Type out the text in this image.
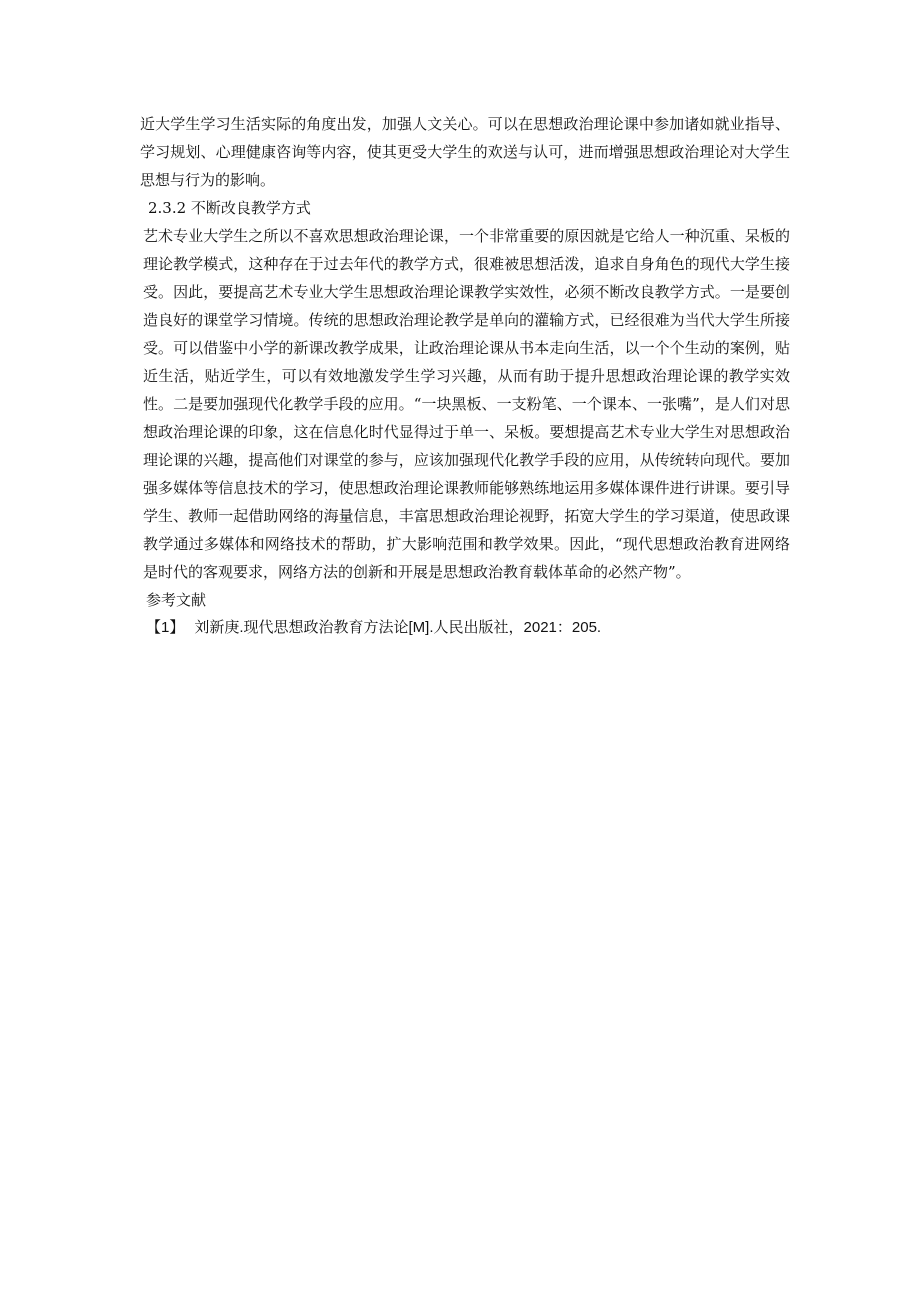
近大学生学习生活实际的角度出发，加强人文关心。可以在思想政治理论课中参加诸如就业指导、学习规划、心理健康咨询等内容，使其更受大学生的欢送与认可，进而增强思想政治理论对大学生思想与行为的影响。

2.3.2 不断改良教学方式

艺术专业大学生之所以不喜欢思想政治理论课，一个非常重要的原因就是它给人一种沉重、呆板的理论教学模式，这种存在于过去年代的教学方式，很难被思想活泼，追求自身角色的现代大学生接受。因此，要提高艺术专业大学生思想政治理论课教学实效性，必须不断改良教学方式。一是要创造良好的课堂学习情境。传统的思想政治理论教学是单向的灌输方式，已经很难为当代大学生所接受。可以借鉴中小学的新课改教学成果，让政治理论课从书本走向生活，以一个个生动的案例，贴近生活，贴近学生，可以有效地激发学生学习兴趣，从而有助于提升思想政治理论课的教学实效性。二是要加强现代化教学手段的应用。“一块黑板、一支粉笔、一个课本、一张嘴”，是人们对思想政治理论课的印象，这在信息化时代显得过于单一、呆板。要想提高艺术专业大学生对思想政治理论课的兴趣，提高他们对课堂的参与，应该加强现代化教学手段的应用，从传统转向现代。要加强多媒体等信息技术的学习，使思想政治理论课教师能够熟练地运用多媒体课件进行讲课。要引导学生、教师一起借助网络的海量信息，丰富思想政治理论视野，拓宽大学生的学习渠道，使思政课教学通过多媒体和网络技术的帮助，扩大影响范围和教学效果。因此，“现代思想政治教育进网络是时代的客观要求，网络方法的创新和开展是思想政治教育载体革命的必然产物”。

参考文献

【1】 刘新庚.现代思想政治教育方法论[M].人民出版社，2021：205.
